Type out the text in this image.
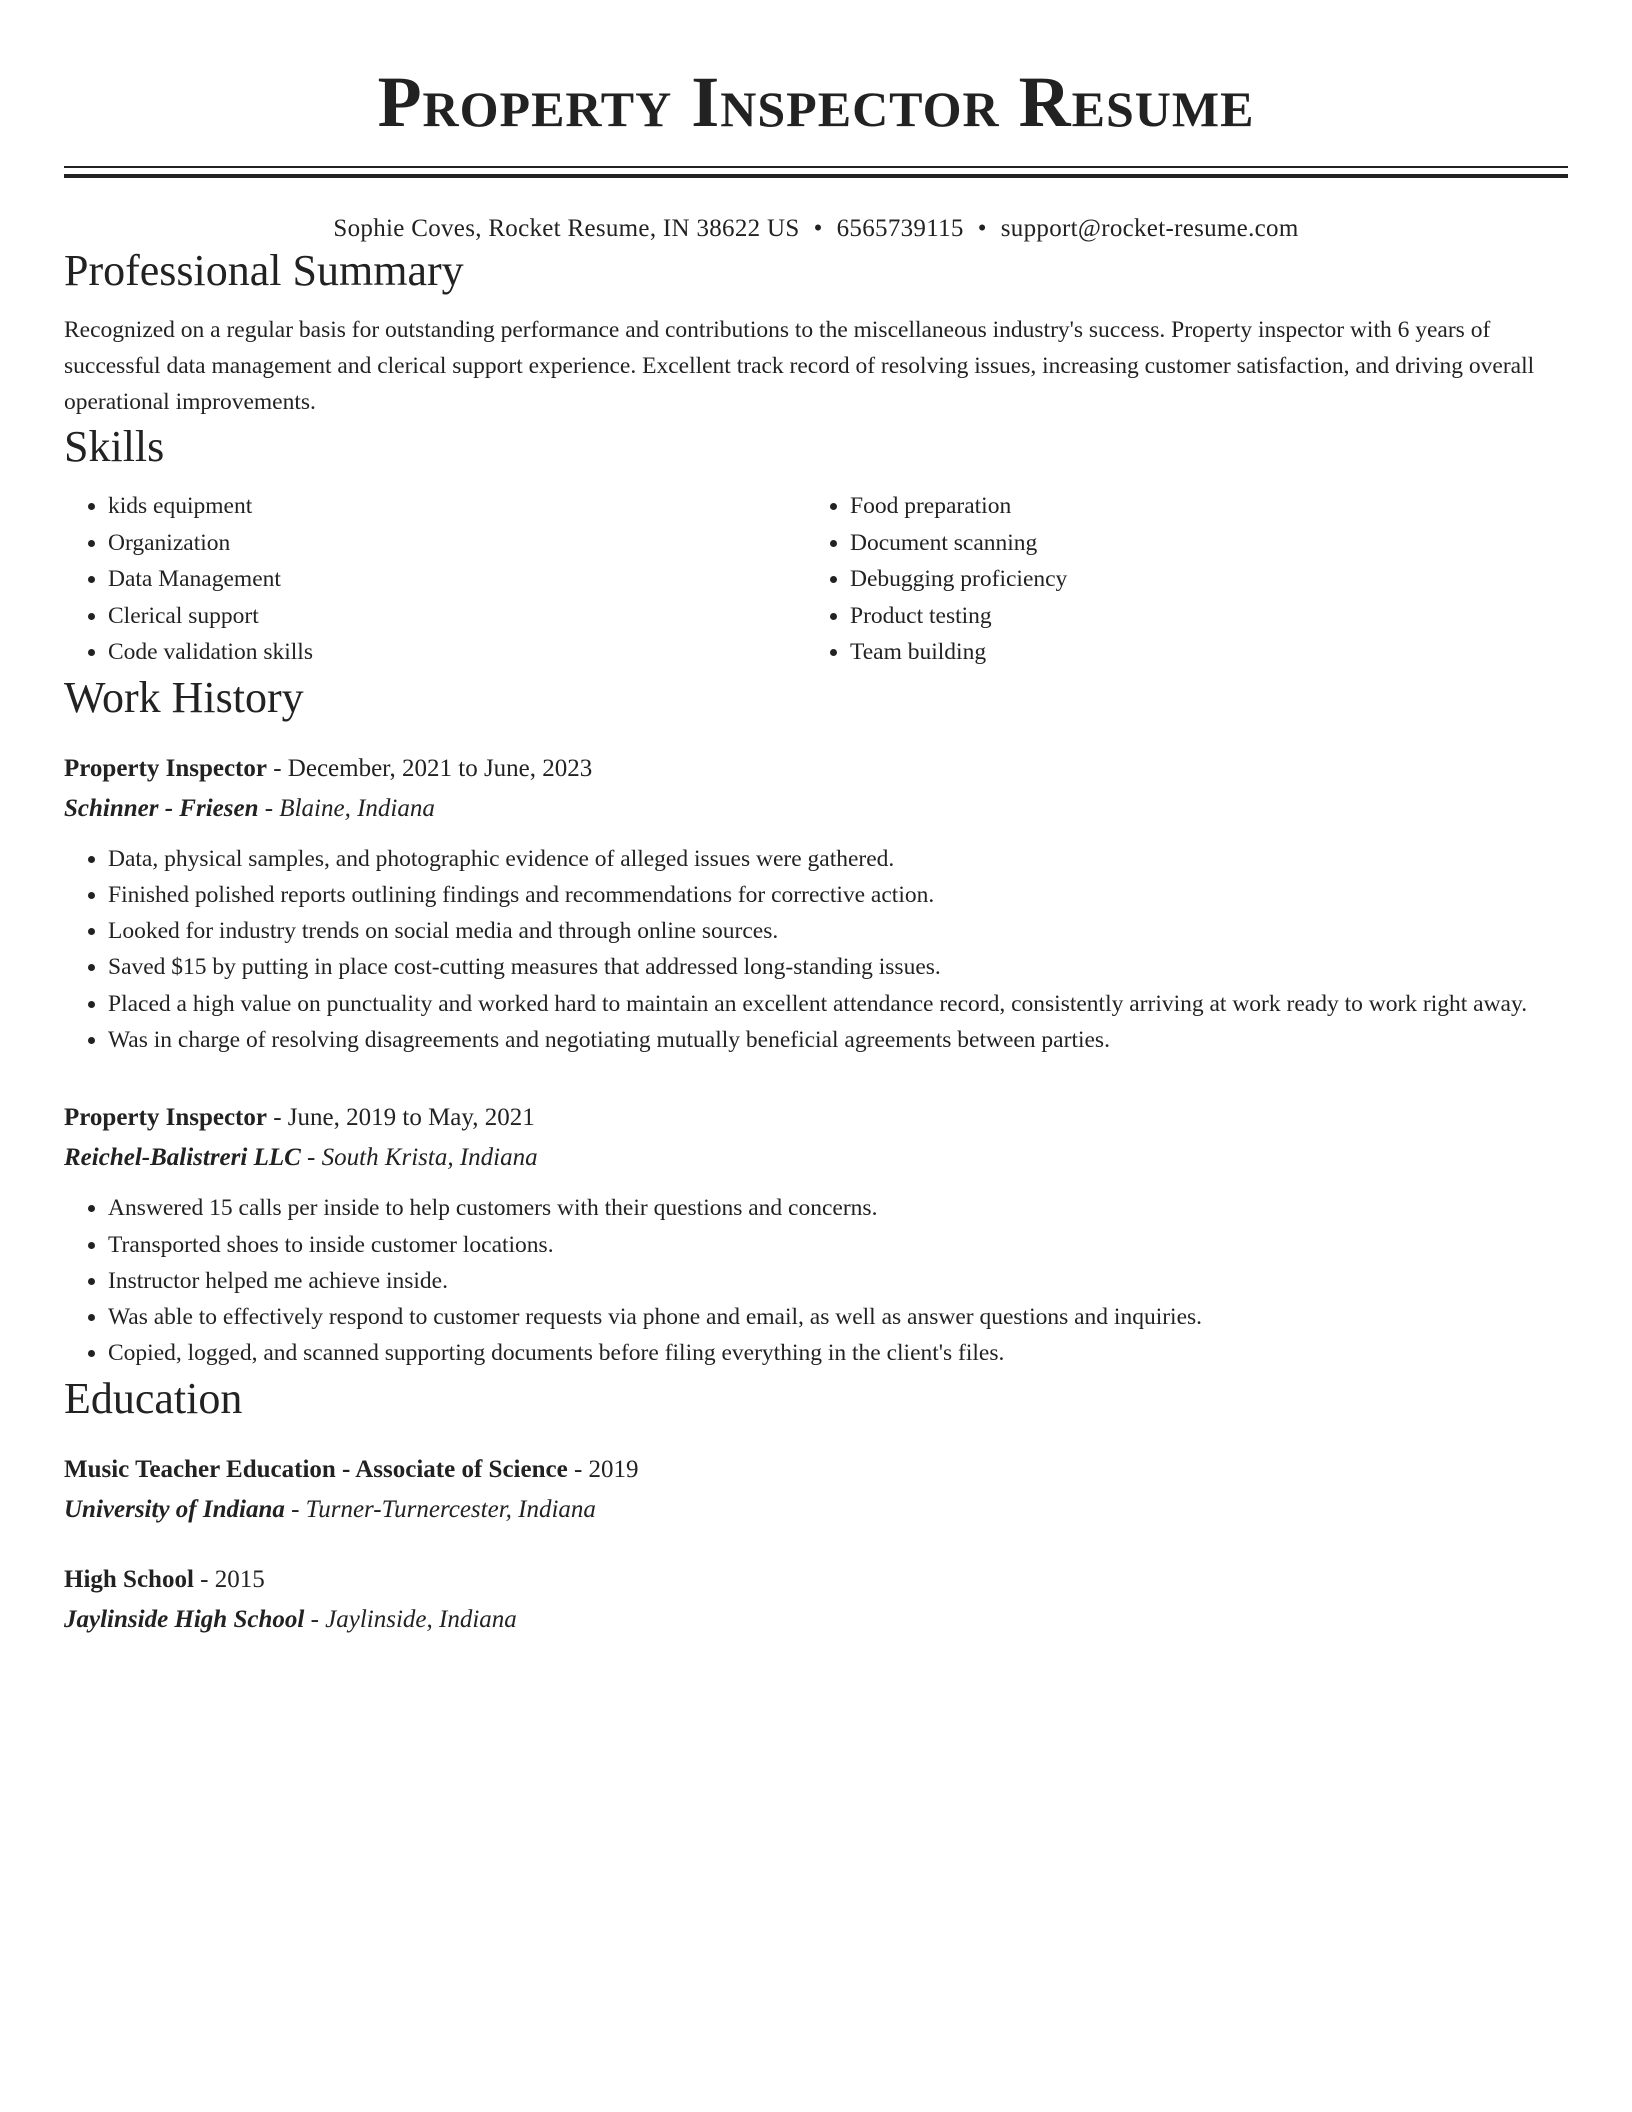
Property Inspector Resume
Sophie Coves, Rocket Resume, IN 38622 US • 6565739115 • support@rocket-resume.com
Professional Summary

Recognized on a regular basis for outstanding performance and contributions to the miscellaneous industry's success. Property inspector with 6 years of successful data management and clerical support experience. Excellent track record of resolving issues, increasing customer satisfaction, and driving overall operational improvements.

Skills
• kids equipment
• Organization
• Data Management
• Clerical support
• Code validation skills
• Food preparation
• Document scanning
• Debugging proficiency
• Product testing
• Team building
Work History
Property Inspector - December, 2021 to June, 2023
Schinner - Friesen - Blaine, Indiana
• Data, physical samples, and photographic evidence of alleged issues were gathered.
• Finished polished reports outlining findings and recommendations for corrective action.
• Looked for industry trends on social media and through online sources.
• Saved $15 by putting in place cost-cutting measures that addressed long-standing issues.
• Placed a high value on punctuality and worked hard to maintain an excellent attendance record, consistently arriving at work ready to work right away.
• Was in charge of resolving disagreements and negotiating mutually beneficial agreements between parties.
Property Inspector - June, 2019 to May, 2021
Reichel-Balistreri LLC - South Krista, Indiana
• Answered 15 calls per inside to help customers with their questions and concerns.
• Transported shoes to inside customer locations.
• Instructor helped me achieve inside.
• Was able to effectively respond to customer requests via phone and email, as well as answer questions and inquiries.
• Copied, logged, and scanned supporting documents before filing everything in the client's files.
Education
Music Teacher Education - Associate of Science - 2019
University of Indiana - Turner-Turnercester, Indiana
High School - 2015
Jaylinside High School - Jaylinside, Indiana
